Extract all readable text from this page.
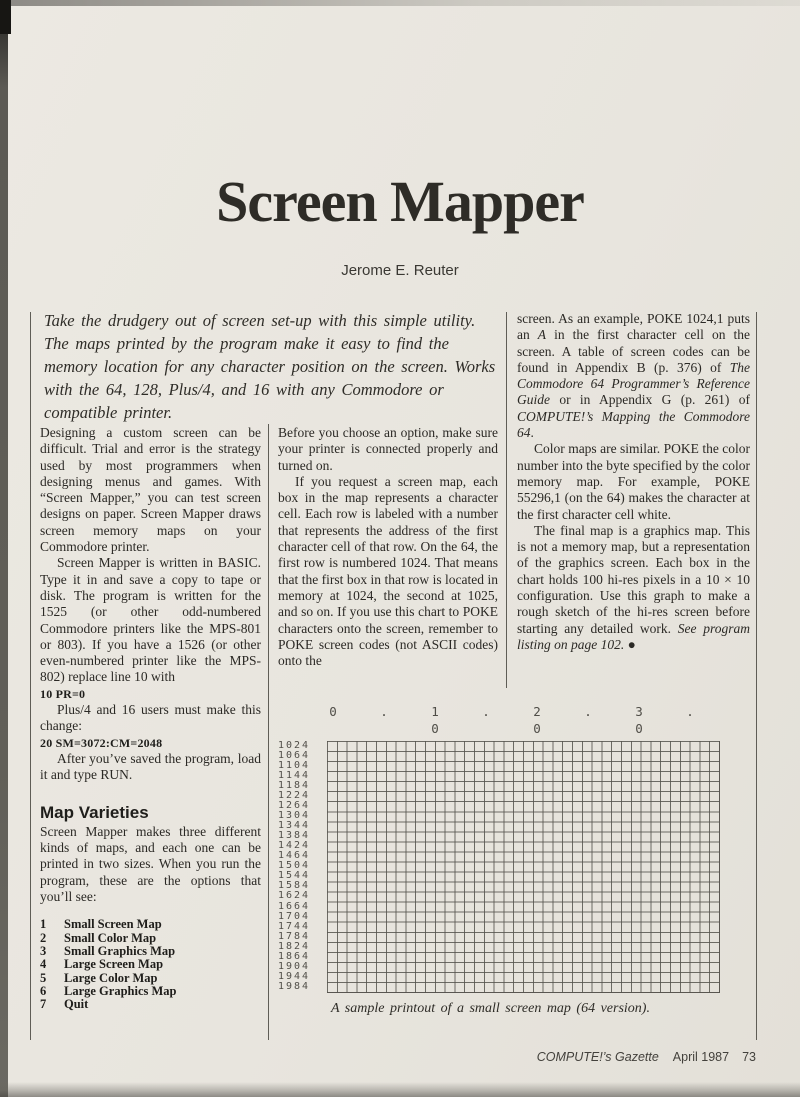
Screen Mapper
Jerome E. Reuter
Take the drudgery out of screen set-up with this simple utility. The maps printed by the program make it easy to find the memory location for any character position on the screen. Works with the 64, 128, Plus/4, and 16 with any Commodore or compatible printer.

Designing a custom screen can be difficult. Trial and error is the strategy used by most programmers when designing menus and games. With “Screen Mapper,” you can test screen designs on paper. Screen Mapper draws screen memory maps on your Commodore printer.

Screen Mapper is written in BASIC. Type it in and save a copy to tape or disk. The program is written for the 1525 (or other odd-numbered Commodore printers like the MPS-801 or 803). If you have a 1526 (or other even-numbered printer like the MPS-802) replace line 10 with

10 PR=0

Plus/4 and 16 users must make this change:

20 SM=3072:CM=2048

After you’ve saved the program, load it and type RUN.

Map Varieties

Screen Mapper makes three different kinds of maps, and each one can be printed in two sizes. When you run the program, these are the options that you’ll see:

1	Small Screen Map
2	Small Color Map
3	Small Graphics Map
4	Large Screen Map
5	Large Color Map
6	Large Graphics Map
7	Quit

Before you choose an option, make sure your printer is connected properly and turned on.

If you request a screen map, each box in the map represents a character cell. Each row is labeled with a number that represents the address of the first character cell of that row. On the 64, the first row is numbered 1024. That means that the first box in that row is located in memory at 1024, the second at 1025, and so on. If you use this chart to POKE characters onto the screen, remember to POKE screen codes (not ASCII codes) onto the

screen. As an example, POKE 1024,1 puts an A in the first character cell on the screen. A table of screen codes can be found in Appendix B (p. 376) of The Commodore 64 Programmer’s Reference Guide or in Appendix G (p. 261) of COMPUTE!’s Mapping the Commodore 64.

Color maps are similar. POKE the color number into the byte specified by the color memory map. For example, POKE 55296,1 (on the 64) makes the character at the first character cell white.

The final map is a graphics map. This is not a memory map, but a representation of the graphics screen. Each box in the chart holds 100 hi-res pixels in a 10 × 10 configuration. Use this graph to make a rough sketch of the hi-res screen before starting any detailed work. See program listing on page 102. ●

0	.	1	.	2	.	3	.
0	0	0
1024
1064
1104
1144
1184
1224
1264
1304
1344
1384
1424
1464
1504
1544
1584
1624
1664
1704
1744
1784
1824
1864
1904
1944
1984
A sample printout of a small screen map (64 version).
COMPUTE!’s Gazette April 1987 73
